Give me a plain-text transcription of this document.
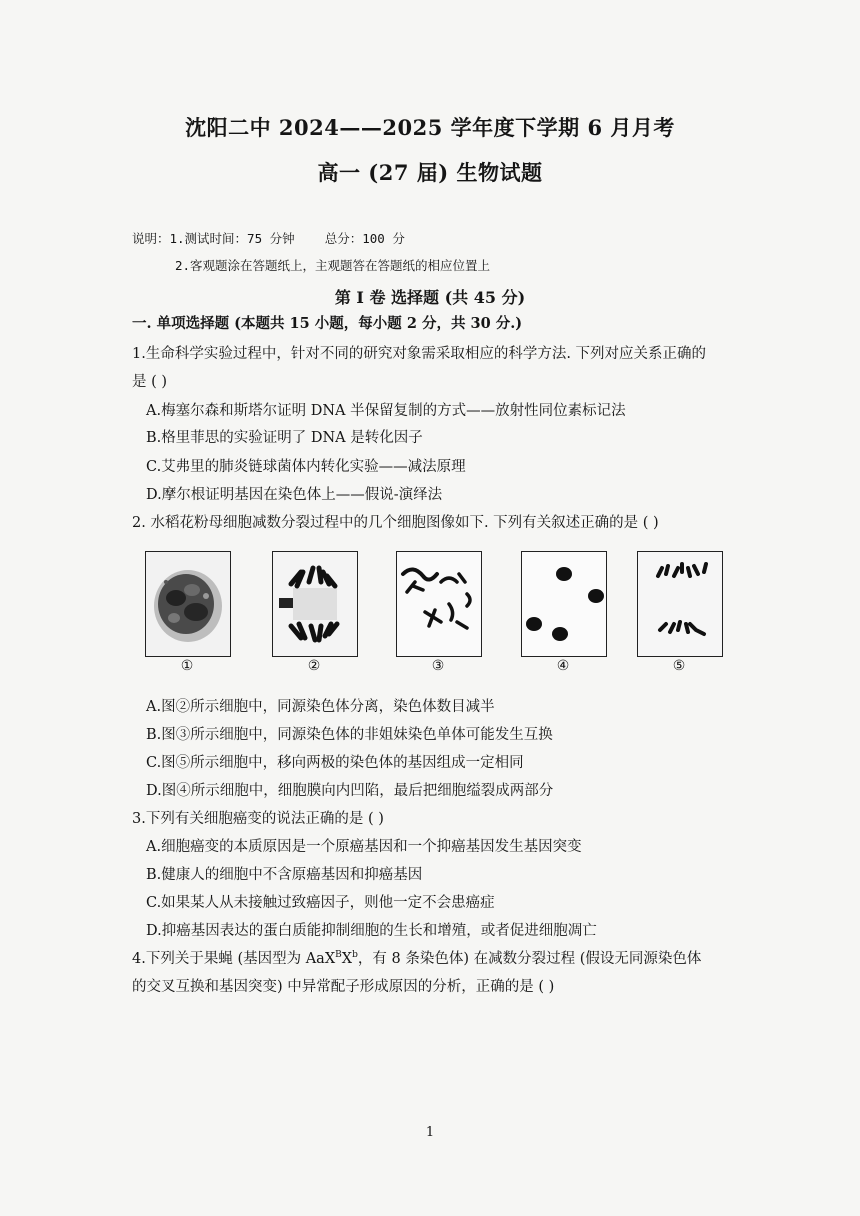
沈阳二中 2024——2025 学年度下学期 6 月月考
高一 (27 届) 生物试题
说明：1.测试时间：75 分钟    总分：100 分
2.客观题涂在答题纸上，主观题答在答题纸的相应位置上
第 I 卷 选择题 (共 45 分)
一. 单项选择题 (本题共 15 小题，每小题 2 分，共 30 分.)
1.生命科学实验过程中，针对不同的研究对象需采取相应的科学方法. 下列对应关系正确的
是 ( )
A.梅塞尔森和斯塔尔证明 DNA 半保留复制的方式——放射性同位素标记法
B.格里菲思的实验证明了 DNA 是转化因子
C.艾弗里的肺炎链球菌体内转化实验——减法原理
D.摩尔根证明基因在染色体上——假说-演绎法
2. 水稻花粉母细胞减数分裂过程中的几个细胞图像如下. 下列有关叙述正确的是 ( )
①	②	③	④	⑤
A.图②所示细胞中，同源染色体分离，染色体数目减半
B.图③所示细胞中，同源染色体的非姐妹染色单体可能发生互换
C.图⑤所示细胞中，移向两极的染色体的基因组成一定相同
D.图④所示细胞中，细胞膜向内凹陷，最后把细胞缢裂成两部分
3.下列有关细胞癌变的说法正确的是 ( )
A.细胞癌变的本质原因是一个原癌基因和一个抑癌基因发生基因突变
B.健康人的细胞中不含原癌基因和抑癌基因
C.如果某人从未接触过致癌因子，则他一定不会患癌症
D.抑癌基因表达的蛋白质能抑制细胞的生长和增殖，或者促进细胞凋亡
4.下列关于果蝇 (基因型为 $AaX^BX^b$，有 8 条染色体) 在减数分裂过程 (假设无同源染色体
的交叉互换和基因突变) 中异常配子形成原因的分析，正确的是 ( )
1
